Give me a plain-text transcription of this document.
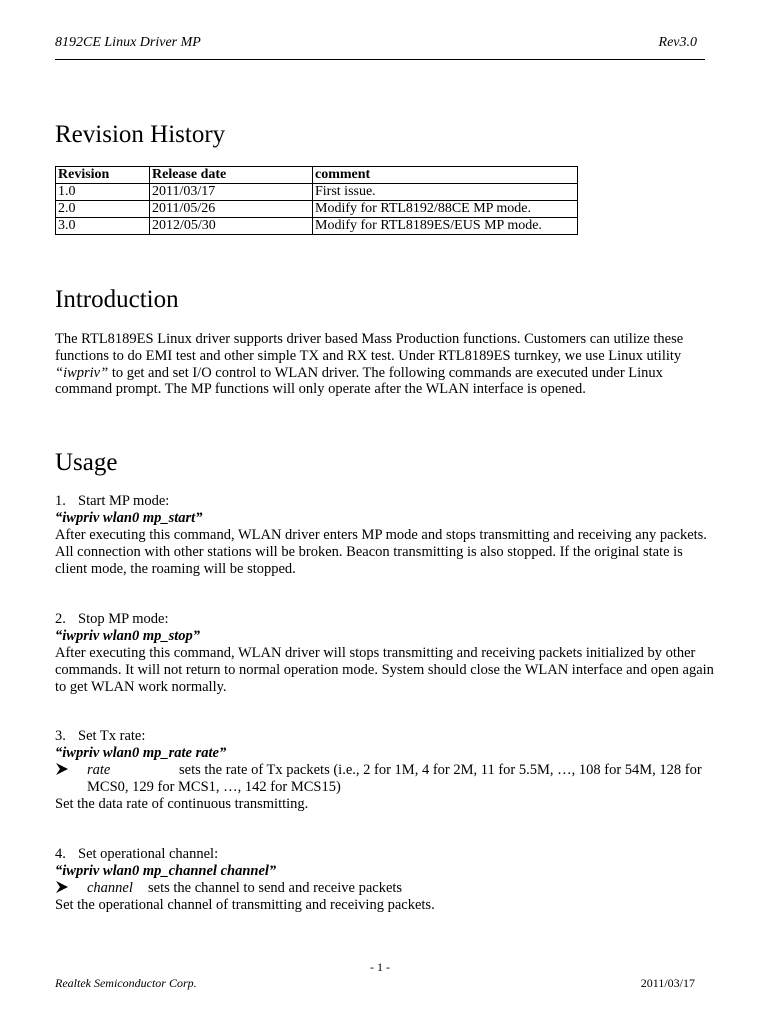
8192CE Linux Driver MP	Rev3.0
Revision History
Revision	Release date	comment
1.0	2011/03/17	First issue.
2.0	2011/05/26	Modify for RTL8192/88CE MP mode.
3.0	2012/05/30	Modify for RTL8189ES/EUS MP mode.
Introduction

The RTL8189ES Linux driver supports driver based Mass Production functions. Customers can utilize these functions to do EMI test and other simple TX and RX test. Under RTL8189ES turnkey, we use Linux utility “iwpriv” to get and set I/O control to WLAN driver. The following commands are executed under Linux command prompt. The MP functions will only operate after the WLAN interface is opened.

Usage
1. Start MP mode:
“iwpriv wlan0 mp_start”

After executing this command, WLAN driver enters MP mode and stops transmitting and receiving any packets. All connection with other stations will be broken. Beacon transmitting is also stopped. If the original state is client mode, the roaming will be stopped.

2. Stop MP mode:
“iwpriv wlan0 mp_stop”

After executing this command, WLAN driver will stops transmitting and receiving packets initialized by other commands. It will not return to normal operation mode. System should close the WLAN interface and open again to get WLAN work normally.

3. Set Tx rate:
“iwpriv wlan0 mp_rate rate”
rate	sets the rate of Tx packets (i.e., 2 for 1M, 4 for 2M, 11 for 5.5M, …, 108 for 54M, 128 for MCS0, 129 for MCS1, …, 142 for MCS15)

Set the data rate of continuous transmitting.

4. Set operational channel:
“iwpriv wlan0 mp_channel channel”
channel	sets the channel to send and receive packets

Set the operational channel of transmitting and receiving packets.

- 1 -
Realtek Semiconductor Corp.	2011/03/17
